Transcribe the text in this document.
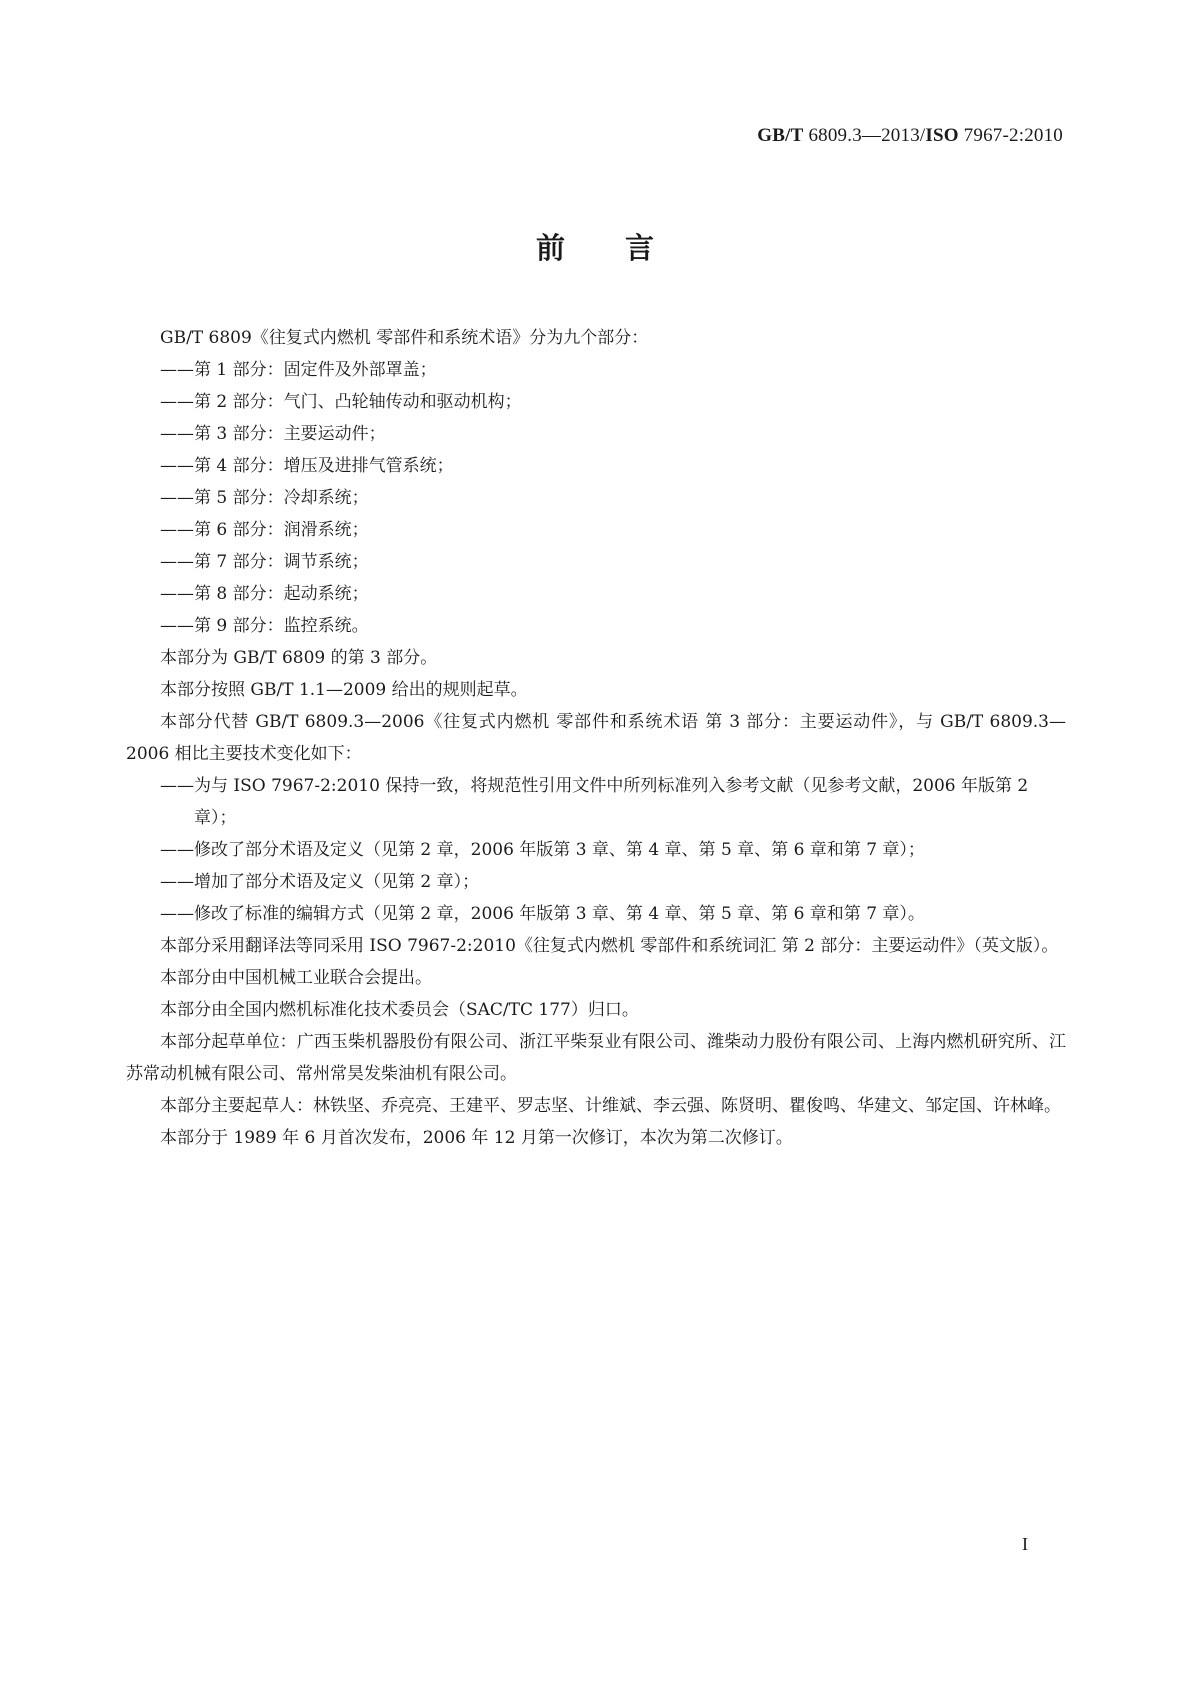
GB/T 6809.3—2013/ISO 7967-2:2010
前 言

GB/T 6809《往复式内燃机 零部件和系统术语》分为九个部分：

——第 1 部分：固定件及外部罩盖；

——第 2 部分：气门、凸轮轴传动和驱动机构；

——第 3 部分：主要运动件；

——第 4 部分：增压及进排气管系统；

——第 5 部分：冷却系统；

——第 6 部分：润滑系统；

——第 7 部分：调节系统；

——第 8 部分：起动系统；

——第 9 部分：监控系统。

本部分为 GB/T 6809 的第 3 部分。

本部分按照 GB/T 1.1—2009 给出的规则起草。

本部分代替 GB/T 6809.3—2006《往复式内燃机 零部件和系统术语 第 3 部分：主要运动件》，与 GB/T 6809.3—2006 相比主要技术变化如下：

——为与 ISO 7967-2:2010 保持一致，将规范性引用文件中所列标准列入参考文献（见参考文献，2006 年版第 2 章）；

——修改了部分术语及定义（见第 2 章，2006 年版第 3 章、第 4 章、第 5 章、第 6 章和第 7 章）；

——增加了部分术语及定义（见第 2 章）；

——修改了标准的编辑方式（见第 2 章，2006 年版第 3 章、第 4 章、第 5 章、第 6 章和第 7 章）。

本部分采用翻译法等同采用 ISO 7967-2:2010《往复式内燃机 零部件和系统词汇 第 2 部分：主要运动件》（英文版）。

本部分由中国机械工业联合会提出。

本部分由全国内燃机标准化技术委员会（SAC/TC 177）归口。

本部分起草单位：广西玉柴机器股份有限公司、浙江平柴泵业有限公司、潍柴动力股份有限公司、上海内燃机研究所、江苏常动机械有限公司、常州常昊发柴油机有限公司。

本部分主要起草人：林铁坚、乔亮亮、王建平、罗志坚、计维斌、李云强、陈贤明、瞿俊鸣、华建文、邹定国、许林峰。

本部分于 1989 年 6 月首次发布，2006 年 12 月第一次修订，本次为第二次修订。

I
